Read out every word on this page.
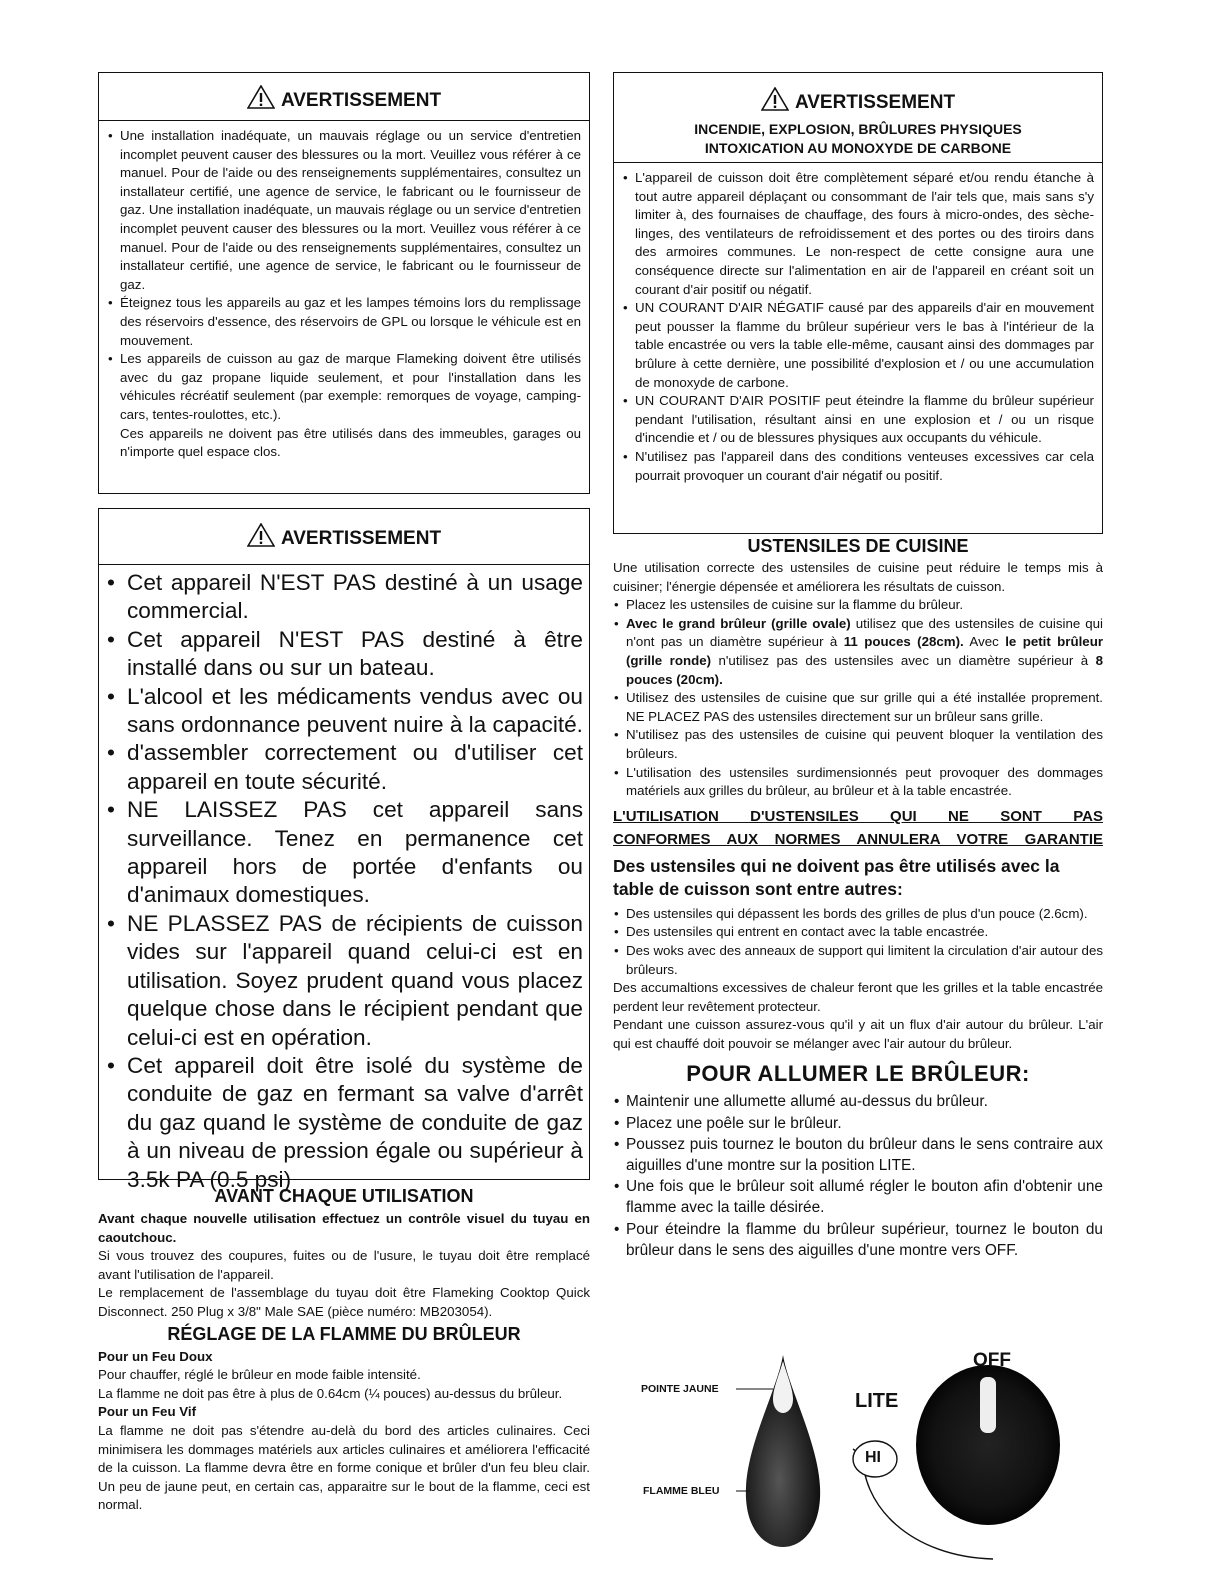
AVERTISSEMENT
• Une installation inadéquate, un mauvais réglage ou un service d'entretien incomplet peuvent causer des blessures ou la mort. Veuillez vous référer à ce manuel. Pour de l'aide ou des renseignements supplémentaires, consultez un installateur certifié, une agence de service, le fabricant ou le fournisseur de gaz. Une installation inadéquate, un mauvais réglage ou un service d'entretien incomplet peuvent causer des blessures ou la mort. Veuillez vous référer à ce manuel. Pour de l'aide ou des renseignements supplémentaires, consultez un installateur certifié, une agence de service, le fabricant ou le fournisseur de gaz.
• Éteignez tous les appareils au gaz et les lampes témoins lors du remplissage des réservoirs d'essence, des réservoirs de GPL ou lorsque le véhicule est en mouvement.
• Les appareils de cuisson au gaz de marque Flameking doivent être utilisés avec du gaz propane liquide seulement, et pour l'installation dans les véhicules récréatif seulement (par exemple: remorques de voyage, camping-cars, tentes-roulottes, etc.).

Ces appareils ne doivent pas être utilisés dans des immeubles, garages ou n'importe quel espace clos.

AVERTISSEMENT
• Cet appareil N'EST PAS destiné à un usage commercial.
• Cet appareil N'EST PAS destiné à être installé dans ou sur un bateau.
• L'alcool et les médicaments vendus avec ou sans ordonnance peuvent nuire à la capacité.
• d'assembler correctement ou d'utiliser cet appareil en toute sécurité.
• NE LAISSEZ PAS cet appareil sans surveillance. Tenez en permanence cet appareil hors de portée d'enfants ou d'animaux domestiques.
• NE PLASSEZ PAS de récipients de cuisson vides sur l'appareil quand celui-ci est en utilisation. Soyez prudent quand vous placez quelque chose dans le récipient pendant que celui-ci est en opération.
• Cet appareil doit être isolé du système de conduite de gaz en fermant sa valve d'arrêt du gaz quand le système de conduite de gaz à un niveau de pression égale ou supérieur à 3.5k PA (0.5 psi)
AVANT CHAQUE UTILISATION

Avant chaque nouvelle utilisation effectuez un contrôle visuel du tuyau en caoutchouc.

Si vous trouvez des coupures, fuites ou de l'usure, le tuyau doit être remplacé avant l'utilisation de l'appareil.

Le remplacement de l'assemblage du tuyau doit être Flameking Cooktop Quick Disconnect. 250 Plug x 3/8" Male SAE (pièce numéro: MB203054).

RÉGLAGE DE LA FLAMME DU BRÛLEUR

Pour un Feu Doux

Pour chauffer, réglé le brûleur en mode faible intensité.

La flamme ne doit pas être à plus de 0.64cm (¼ pouces) au-dessus du brûleur.

Pour un Feu Vif

La flamme ne doit pas s'étendre au-delà du bord des articles culinaires. Ceci minimisera les dommages matériels aux articles culinaires et améliorera l'efficacité de la cuisson. La flamme devra être en forme conique et brûler d'un feu bleu clair. Un peu de jaune peut, en certain cas, apparaitre sur le bout de la flamme, ceci est normal.

AVERTISSEMENT
INCENDIE, EXPLOSION, BRÛLURES PHYSIQUES
INTOXICATION AU MONOXYDE DE CARBONE
• L'appareil de cuisson doit être complètement séparé et/ou rendu étanche à tout autre appareil déplaçant ou consommant de l'air tels que, mais sans s'y limiter à, des fournaises de chauffage, des fours à micro-ondes, des sèche-linges, des ventilateurs de refroidissement et des portes ou des tiroirs dans des armoires communes. Le non-respect de cette consigne aura une conséquence directe sur l'alimentation en air de l'appareil en créant soit un courant d'air positif ou négatif.
• UN COURANT D'AIR NÉGATIF causé par des appareils d'air en mouvement peut pousser la flamme du brûleur supérieur vers le bas à l'intérieur de la table encastrée ou vers la table elle-même, causant ainsi des dommages par brûlure à cette dernière, une possibilité d'explosion et / ou une accumulation de monoxyde de carbone.
• UN COURANT D'AIR POSITIF peut éteindre la flamme du brûleur supérieur pendant l'utilisation, résultant ainsi en une explosion et / ou un risque d'incendie et / ou de blessures physiques aux occupants du véhicule.
• N'utilisez pas l'appareil dans des conditions venteuses excessives car cela pourrait provoquer un courant d'air négatif ou positif.
USTENSILES DE CUISINE

Une utilisation correcte des ustensiles de cuisine peut réduire le temps mis à cuisiner; l'énergie dépensée et améliorera les résultats de cuisson.

• Placez les ustensiles de cuisine sur la flamme du brûleur.
• Avec le grand brûleur (grille ovale) utilisez que des ustensiles de cuisine qui n'ont pas un diamètre supérieur à 11 pouces (28cm). Avec le petit brûleur (grille ronde) n'utilisez pas des ustensiles avec un diamètre supérieur à 8 pouces (20cm).
• Utilisez des ustensiles de cuisine que sur grille qui a été installée proprement. NE PLACEZ PAS des ustensiles directement sur un brûleur sans grille.
• N'utilisez pas des ustensiles de cuisine qui peuvent bloquer la ventilation des brûleurs.
• L'utilisation des ustensiles surdimensionnés peut provoquer des dommages matériels aux grilles du brûleur, au brûleur et à la table encastrée.

L'UTILISATION D'USTENSILES QUI NE SONT PAS

CONFORMES AUX NORMES ANNULERA VOTRE GARANTIE

Des ustensiles qui ne doivent pas être utilisés avec la table de cuisson sont entre autres:

• Des ustensiles qui dépassent les bords des grilles de plus d'un pouce (2.6cm).
• Des ustensiles qui entrent en contact avec la table encastrée.
• Des woks avec des anneaux de support qui limitent la circulation d'air autour des brûleurs.

Des accumaltions excessives de chaleur feront que les grilles et la table encastrée perdent leur revêtement protecteur.

Pendant une cuisson assurez-vous qu'il y ait un flux d'air autour du brûleur. L'air qui est chauffé doit pouvoir se mélanger avec l'air autour du brûleur.

POUR ALLUMER LE BRÛLEUR:
• Maintenir une allumette allumé au-dessus du brûleur.
• Placez une poêle sur le brûleur.
• Poussez puis tournez le bouton du brûleur dans le sens contraire aux aiguilles d'une montre sur la position LITE.
• Une fois que le brûleur soit allumé régler le bouton afin d'obtenir une flamme avec la taille désirée.
• Pour éteindre la flamme du brûleur supérieur, tournez le bouton du brûleur dans le sens des aiguilles d'une montre vers OFF.
POINTE JAUNE
FLAMME BLEU
LITE
HI
OFF
